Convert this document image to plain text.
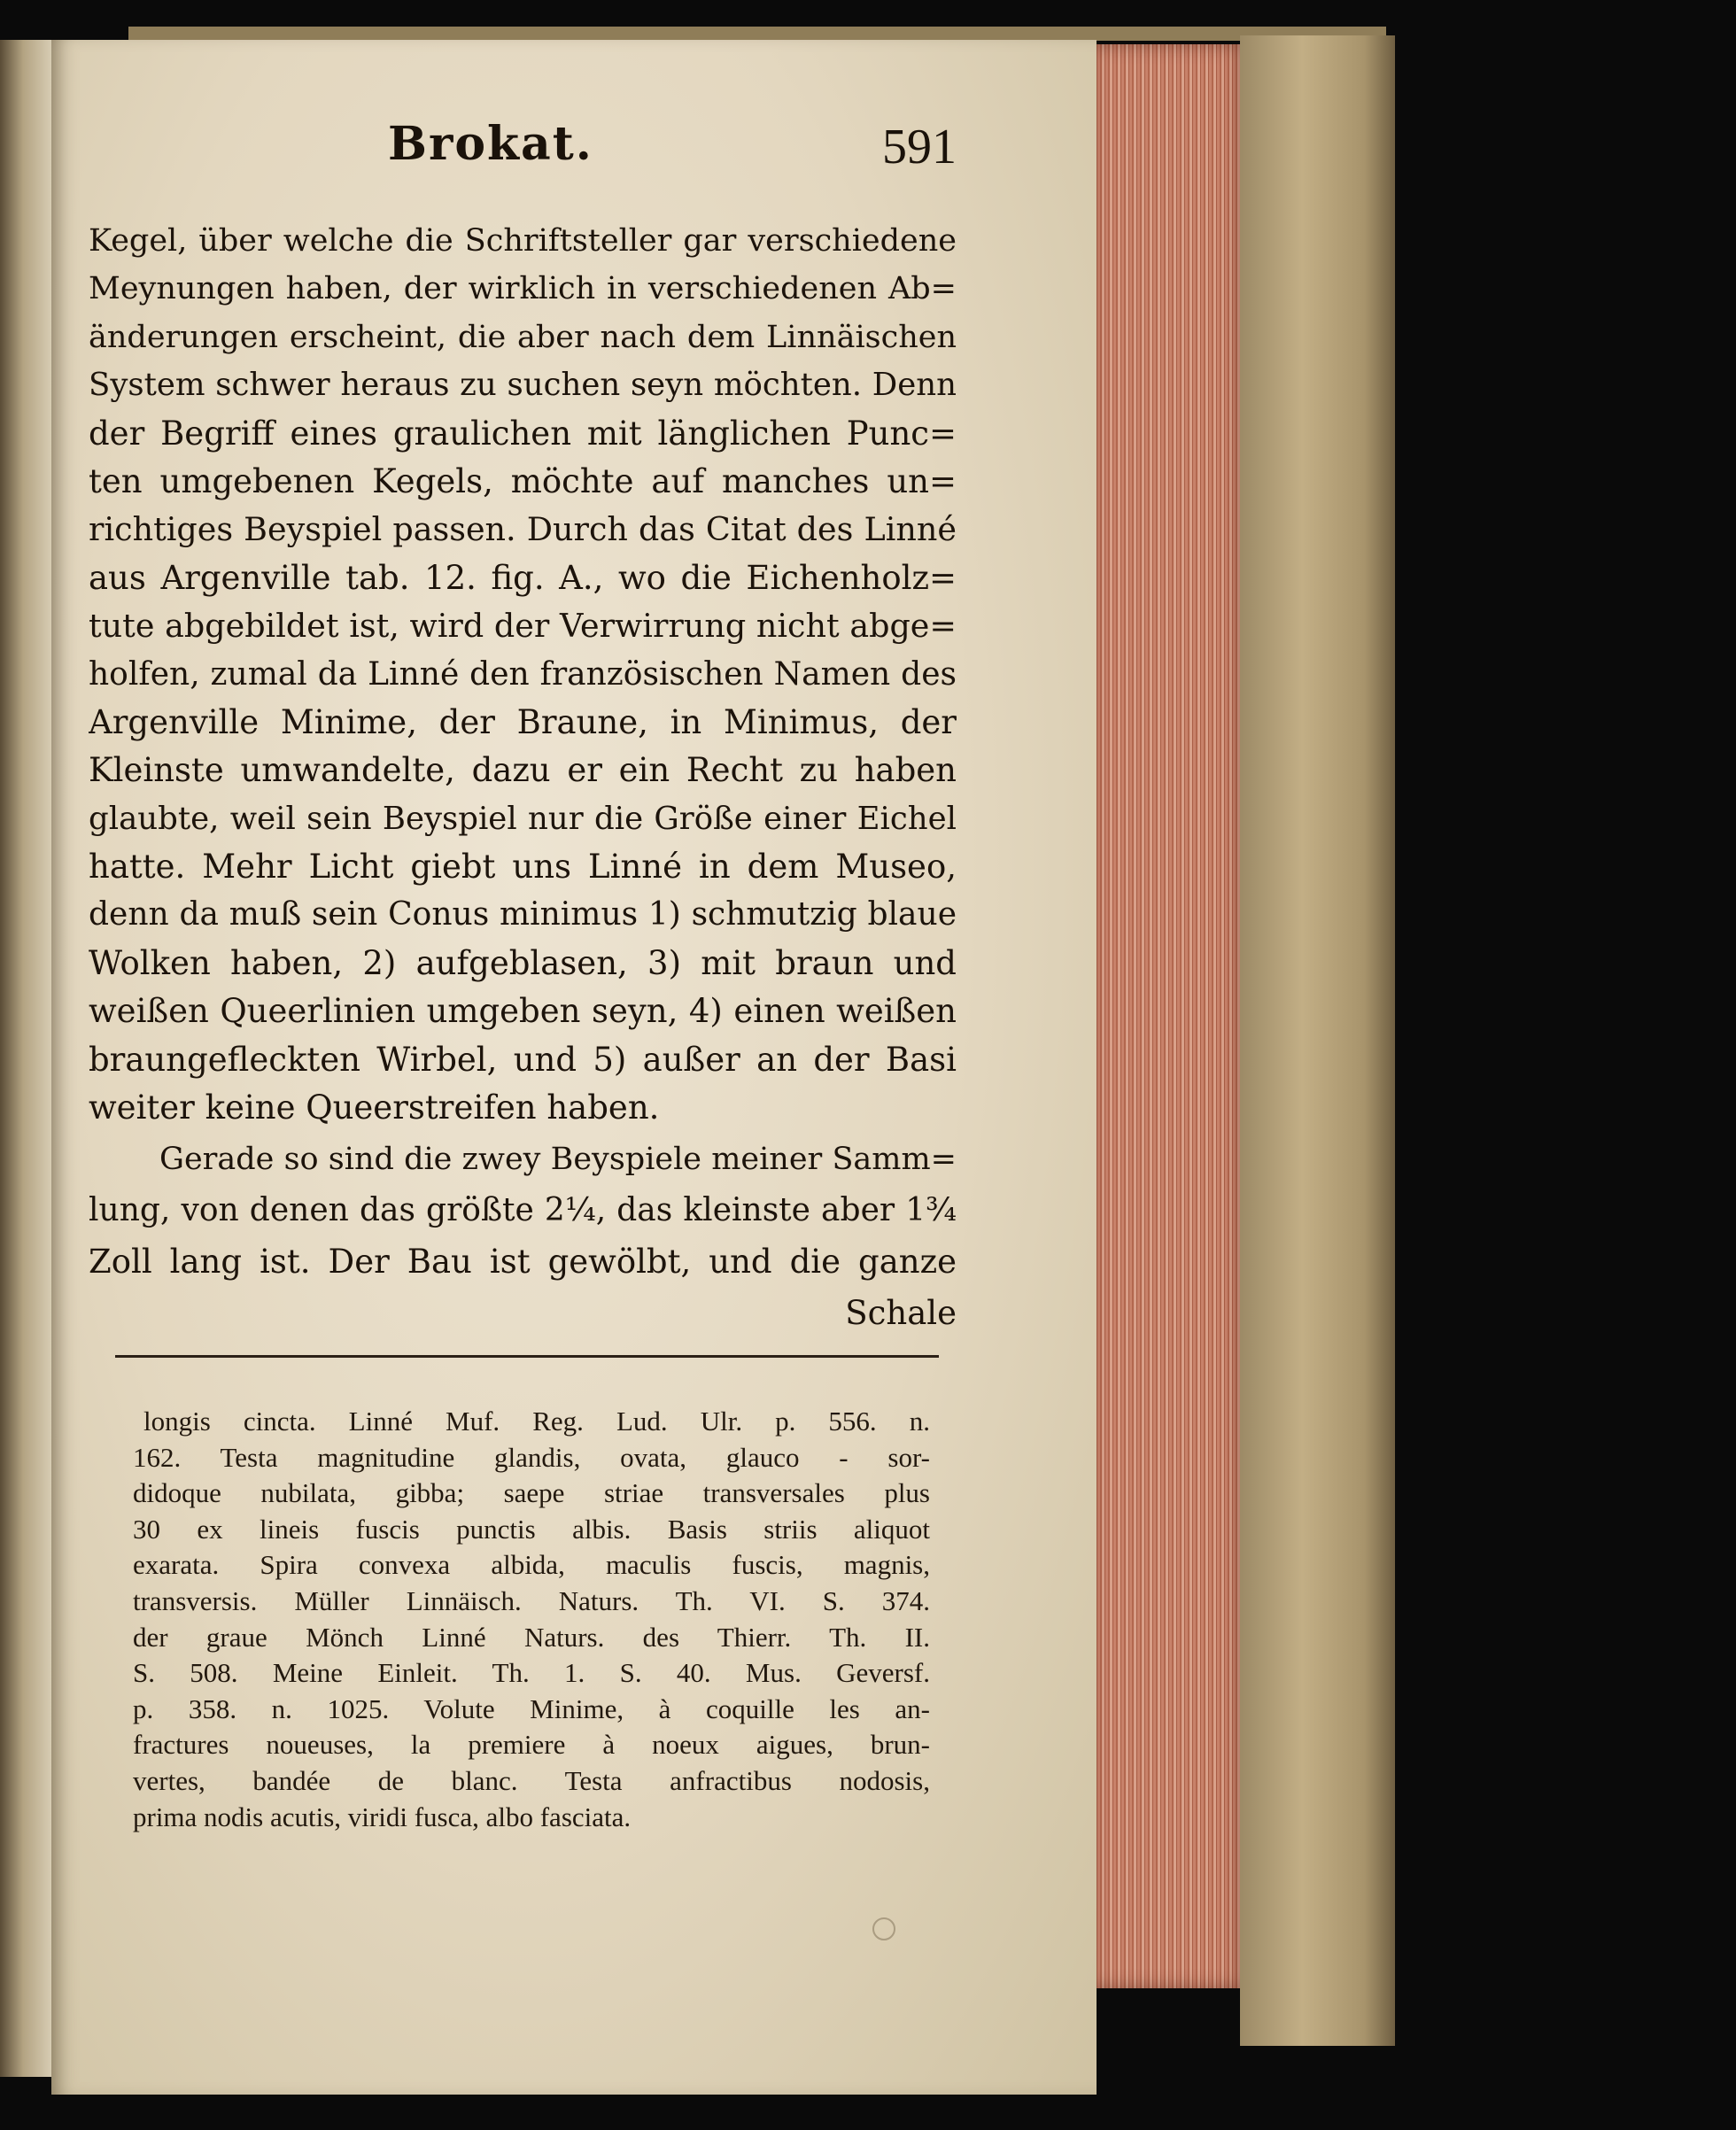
Brokat.	591
Kegel, über welche die Schriftsteller gar verschiedene
Meynungen haben, der wirklich in verschiedenen Ab=
änderungen erscheint, die aber nach dem Linnäischen
System schwer heraus zu suchen seyn möchten. Denn
der Begriff eines graulichen mit länglichen Punc=
ten umgebenen Kegels, möchte auf manches un=
richtiges Beyspiel passen. Durch das Citat des Linné
aus Argenville tab. 12. fig. A., wo die Eichenholz=
tute abgebildet ist, wird der Verwirrung nicht abge=
holfen, zumal da Linné den französischen Namen des
Argenville Minime, der Braune, in Minimus, der
Kleinste umwandelte, dazu er ein Recht zu haben
glaubte, weil sein Beyspiel nur die Größe einer Eichel
hatte. Mehr Licht giebt uns Linné in dem Museo,
denn da muß sein Conus minimus 1) schmutzig blaue
Wolken haben, 2) aufgeblasen, 3) mit braun und
weißen Queerlinien umgeben seyn, 4) einen weißen
braungefleckten Wirbel, und 5) außer an der Basi
weiter keine Queerstreifen haben.
Gerade so sind die zwey Beyspiele meiner Samm=
lung, von denen das größte 2¼, das kleinste aber 1¾
Zoll lang ist. Der Bau ist gewölbt, und die ganze
Schale
longis cincta. Linné Muf. Reg. Lud. Ulr. p. 556. n.
162. Testa magnitudine glandis, ovata, glauco - sor-
didoque nubilata, gibba; saepe striae transversales plus
30 ex lineis fuscis punctis albis. Basis striis aliquot
exarata. Spira convexa albida, maculis fuscis, magnis,
transversis. Müller Linnäisch. Naturs. Th. VI. S. 374.
der graue Mönch Linné Naturs. des Thierr. Th. II.
S. 508. Meine Einleit. Th. 1. S. 40. Mus. Geversf.
p. 358. n. 1025. Volute Minime, à coquille les an-
fractures noueuses, la premiere à noeux aigues, brun-
vertes, bandée de blanc. Testa anfractibus nodosis,
prima nodis acutis, viridi fusca, albo fasciata.
